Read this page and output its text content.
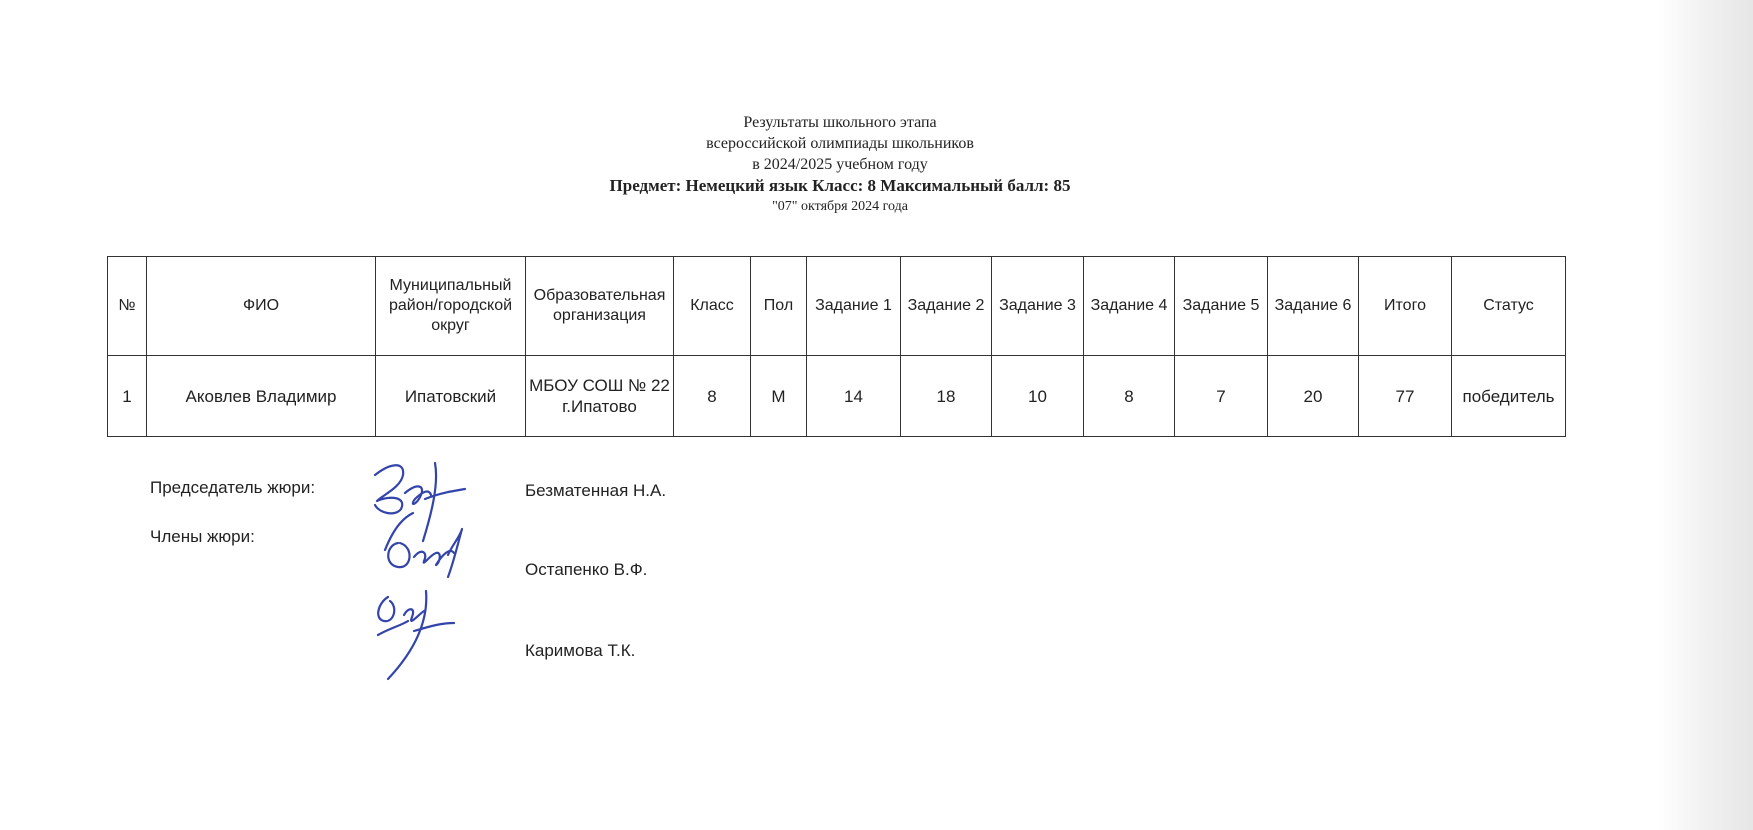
Результаты школьного этапа
всероссийской олимпиады школьников
в 2024/2025 учебном году
Предмет: Немецкий язык Класс: 8 Максимальный балл: 85
"07" октября 2024 года
№	ФИО	Муниципальный район/городской округ	Образовательная организация	Класс	Пол	Задание 1	Задание 2	Задание 3	Задание 4	Задание 5	Задание 6	Итого	Статус
1	Аковлев Владимир	Ипатовский	МБОУ СОШ № 22 г.Ипатово	8	М	14	18	10	8	7	20	77	победитель
Председатель жюри:	Безматенная Н.А.
Члены жюри:
Остапенко В.Ф.
Каримова Т.К.
